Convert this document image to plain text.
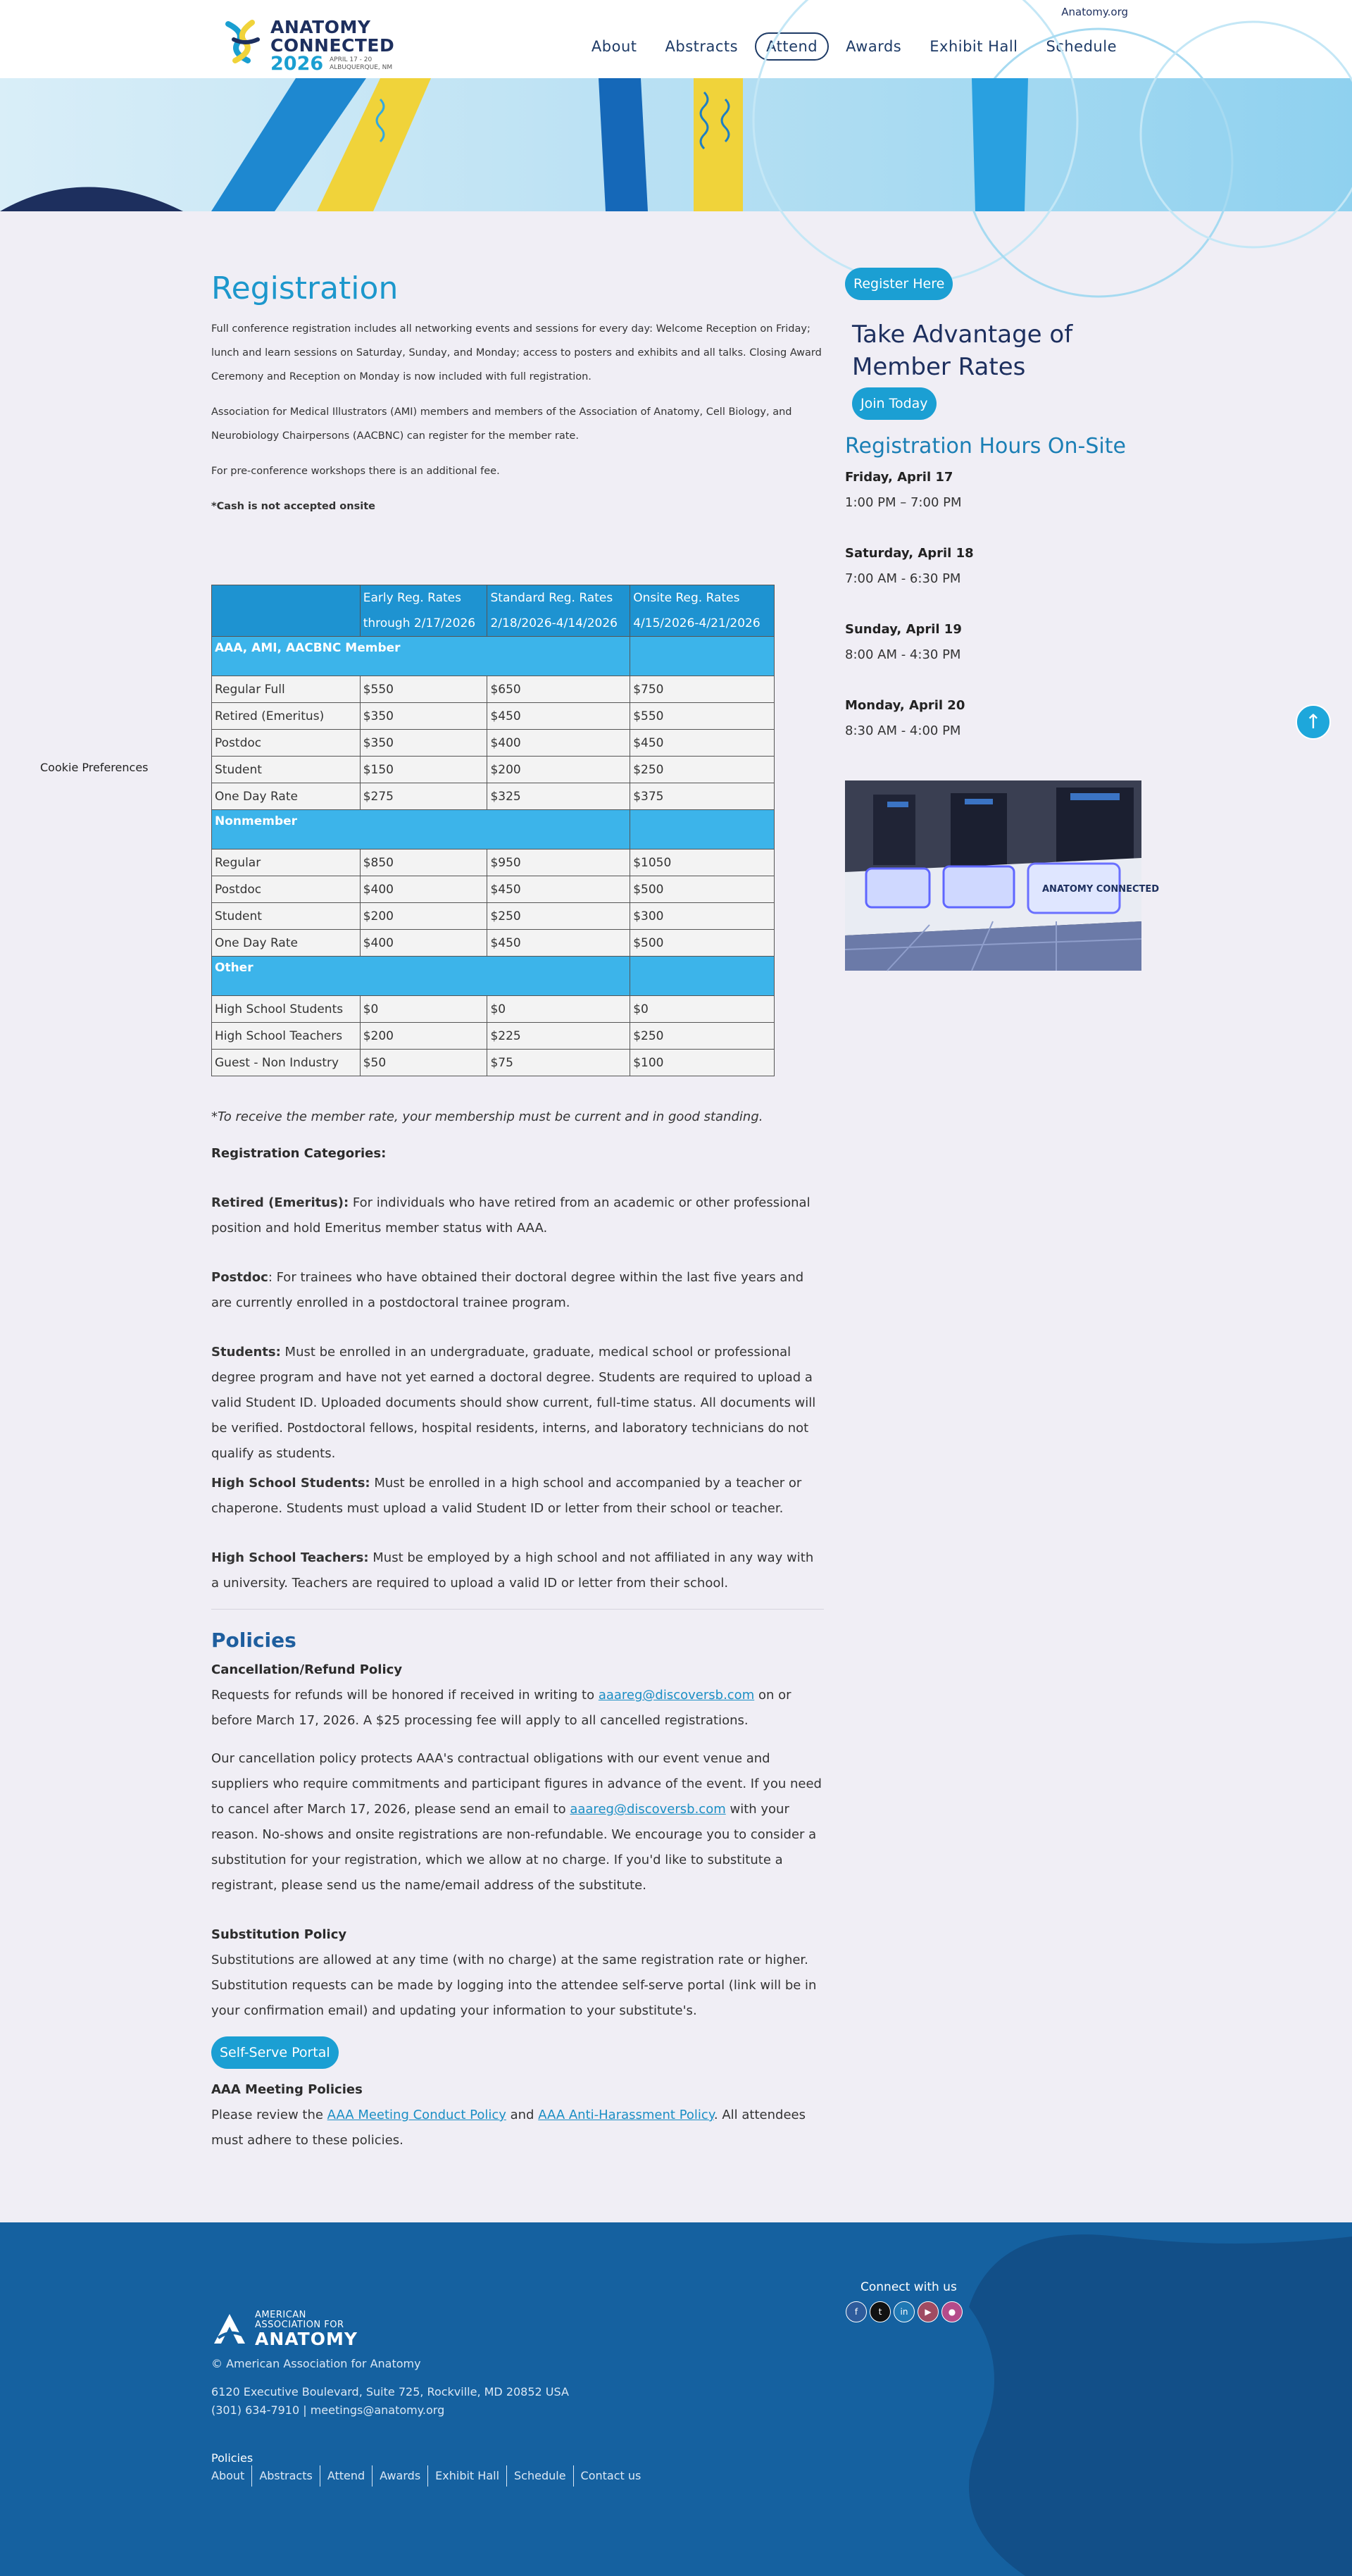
ANATOMY
CONNECTED
2026 APRIL 17 - 20
ALBUQUERQUE, NM
Anatomy.org
About	Abstracts	Attend	Awards	Exhibit Hall	Schedule
Registration

Full conference registration includes all networking events and sessions for every day: Welcome Reception on Friday; lunch and learn sessions on Saturday, Sunday, and Monday; access to posters and exhibits and all talks. Closing Award Ceremony and Reception on Monday is now included with full registration.

Association for Medical Illustrators (AMI) members and members of the Association of Anatomy, Cell Biology, and Neurobiology Chairpersons (AACBNC) can register for the member rate.

For pre-conference workshops there is an additional fee.

*Cash is not accepted onsite

	Early Reg. Rates through 2/17/2026	Standard Reg. Rates 2/18/2026-4/14/2026	Onsite Reg. Rates 4/15/2026-4/21/2026
AAA, AMI, AACBNC Member			
Regular Full	$550	$650	$750
Retired (Emeritus)	$350	$450	$550
Postdoc	$350	$400	$450
Student	$150	$200	$250
One Day Rate	$275	$325	$375
Nonmember			
Regular	$850	$950	$1050
Postdoc	$400	$450	$500
Student	$200	$250	$300
One Day Rate	$400	$450	$500
Other			
High School Students	$0	$0	$0
High School Teachers	$200	$225	$250
Guest - Non Industry	$50	$75	$100

*To receive the member rate, your membership must be current and in good standing.

Registration Categories:

Retired (Emeritus): For individuals who have retired from an academic or other professional position and hold Emeritus member status with AAA.

Postdoc: For trainees who have obtained their doctoral degree within the last five years and are currently enrolled in a postdoctoral trainee program.

Students: Must be enrolled in an undergraduate, graduate, medical school or professional degree program and have not yet earned a doctoral degree. Students are required to upload a valid Student ID. Uploaded documents should show current, full-time status. All documents will be verified. Postdoctoral fellows, hospital residents, interns, and laboratory technicians do not qualify as students.

High School Students: Must be enrolled in a high school and accompanied by a teacher or chaperone. Students must upload a valid Student ID or letter from their school or teacher.

High School Teachers: Must be employed by a high school and not affiliated in any way with a university. Teachers are required to upload a valid ID or letter from their school.

Policies

Cancellation/Refund Policy

Requests for refunds will be honored if received in writing to aaareg@discoversb.com on or before March 17, 2026. A $25 processing fee will apply to all cancelled registrations.

Our cancellation policy protects AAA's contractual obligations with our event venue and suppliers who require commitments and participant figures in advance of the event. If you need to cancel after March 17, 2026, please send an email to aaareg@discoversb.com with your reason. No-shows and onsite registrations are non-refundable. We encourage you to consider a substitution for your registration, which we allow at no charge. If you'd like to substitute a registrant, please send us the name/email address of the substitute.

Substitution Policy

Substitutions are allowed at any time (with no charge) at the same registration rate or higher. Substitution requests can be made by logging into the attendee self-serve portal (link will be in your confirmation email) and updating your information to your substitute's.

Self-Serve Portal

AAA Meeting Policies

Please review the AAA Meeting Conduct Policy and AAA Anti-Harassment Policy. All attendees must adhere to these policies.

Register Here
Take Advantage of Member Rates
Join Today
Registration Hours On-Site
Friday, April 17
1:00 PM – 7:00 PM
Saturday, April 18
7:00 AM - 6:30 PM
Sunday, April 19
8:00 AM - 4:30 PM
Monday, April 20
8:30 AM - 4:00 PM
ANATOMY CONNECTED
Cookie Preferences
↑
AMERICAN
ASSOCIATION FOR
ANATOMY
© American Association for Anatomy
6120 Executive Boulevard, Suite 725, Rockville, MD 20852 USA
(301) 634-7910 | meetings@anatomy.org
Policies
About	Abstracts	Attend	Awards	Exhibit Hall	Schedule	Contact us
Connect with us
f	t	in	▶	●
